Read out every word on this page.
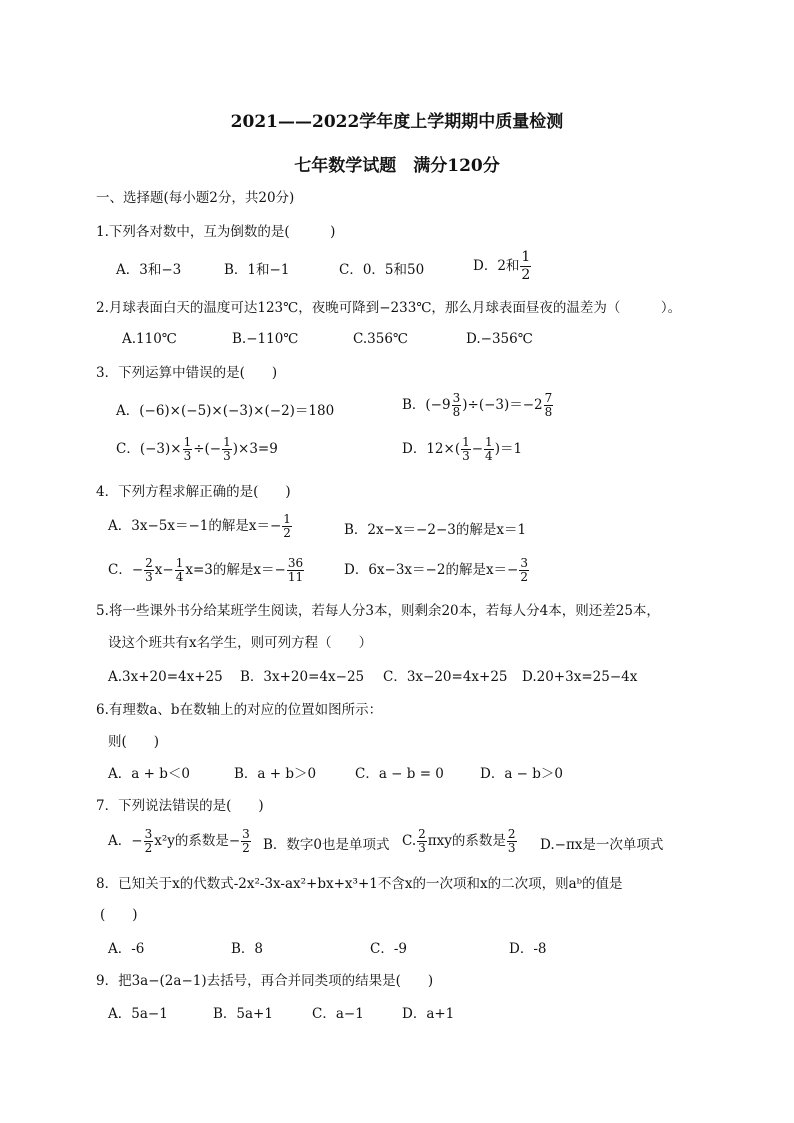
2021——2022学年度上学期期中质量检测
七年数学试题　满分120分
一、选择题(每小题2分，共20分)
1.下列各对数中，互为倒数的是(　　　)
A．3和−3	B．1和−1	C．0．5和50	D．2和 $\frac{1}{2}$
2.月球表面白天的温度可达123℃，夜晚可降到−233℃，那么月球表面昼夜的温差为（　　　）。
A.110℃	B.−110℃	C.356℃	D.−356℃
3．下列运算中错误的是(　　)
A．(−6)×(−5)×(−3)×(−2)＝180	B．$(-9 \frac{3}{8} )\div(-3)=-2 \frac{7}{8}$
C．$(-3)\times \frac{1}{3}$ ÷(− $\frac{1}{3} )\times 3=9$	D．$12\times( \frac{1}{3} - \frac{1}{4} )=1$
4．下列方程求解正确的是(　　)
A．3x−5x＝−1的解是$x=- \frac{1}{2}$	B．2x−x＝−2−3的解是x＝1
C．− $\frac{2}{3} x- \frac{1}{4} x=3$的解是$x=- \frac{36}{11}$	D．6x−3x＝−2的解是$x=- \frac{3}{2}$
5.将一些课外书分给某班学生阅读，若每人分3本，则剩余20本，若每人分4本，则还差25本，
设这个班共有x名学生，则可列方程（　　）
A.3x+20=4x+25 B．3x+20=4x−25 C．3x−20=4x+25 D.20+3x=25−4x
6.有理数a、b在数轴上的对应的位置如图所示：
则(　　)
A．a + b＜0	B．a + b＞0	C．a − b = 0	D．a − b＞0
7．下列说法错误的是(　　)
A．− $\frac{3}{2} x^2y$的系数是− $\frac{3}{2}$ B．数字0也是单项式 C. $\frac{2}{3}$ πxy的系数是 $\frac{2}{3} D.-\pi x$是一次单项式
8．已知关于x的代数式-2x²-3x-ax²+bx+x³+1不含x的一次项和x的二次项，则aᵇ的值是
(　　)
A．-6	B．8	C．-9	D．-8
9．把3a−(2a−1)去括号，再合并同类项的结果是(　　)
A．5a−1	B．5a+1	C．a−1	D．a+1
